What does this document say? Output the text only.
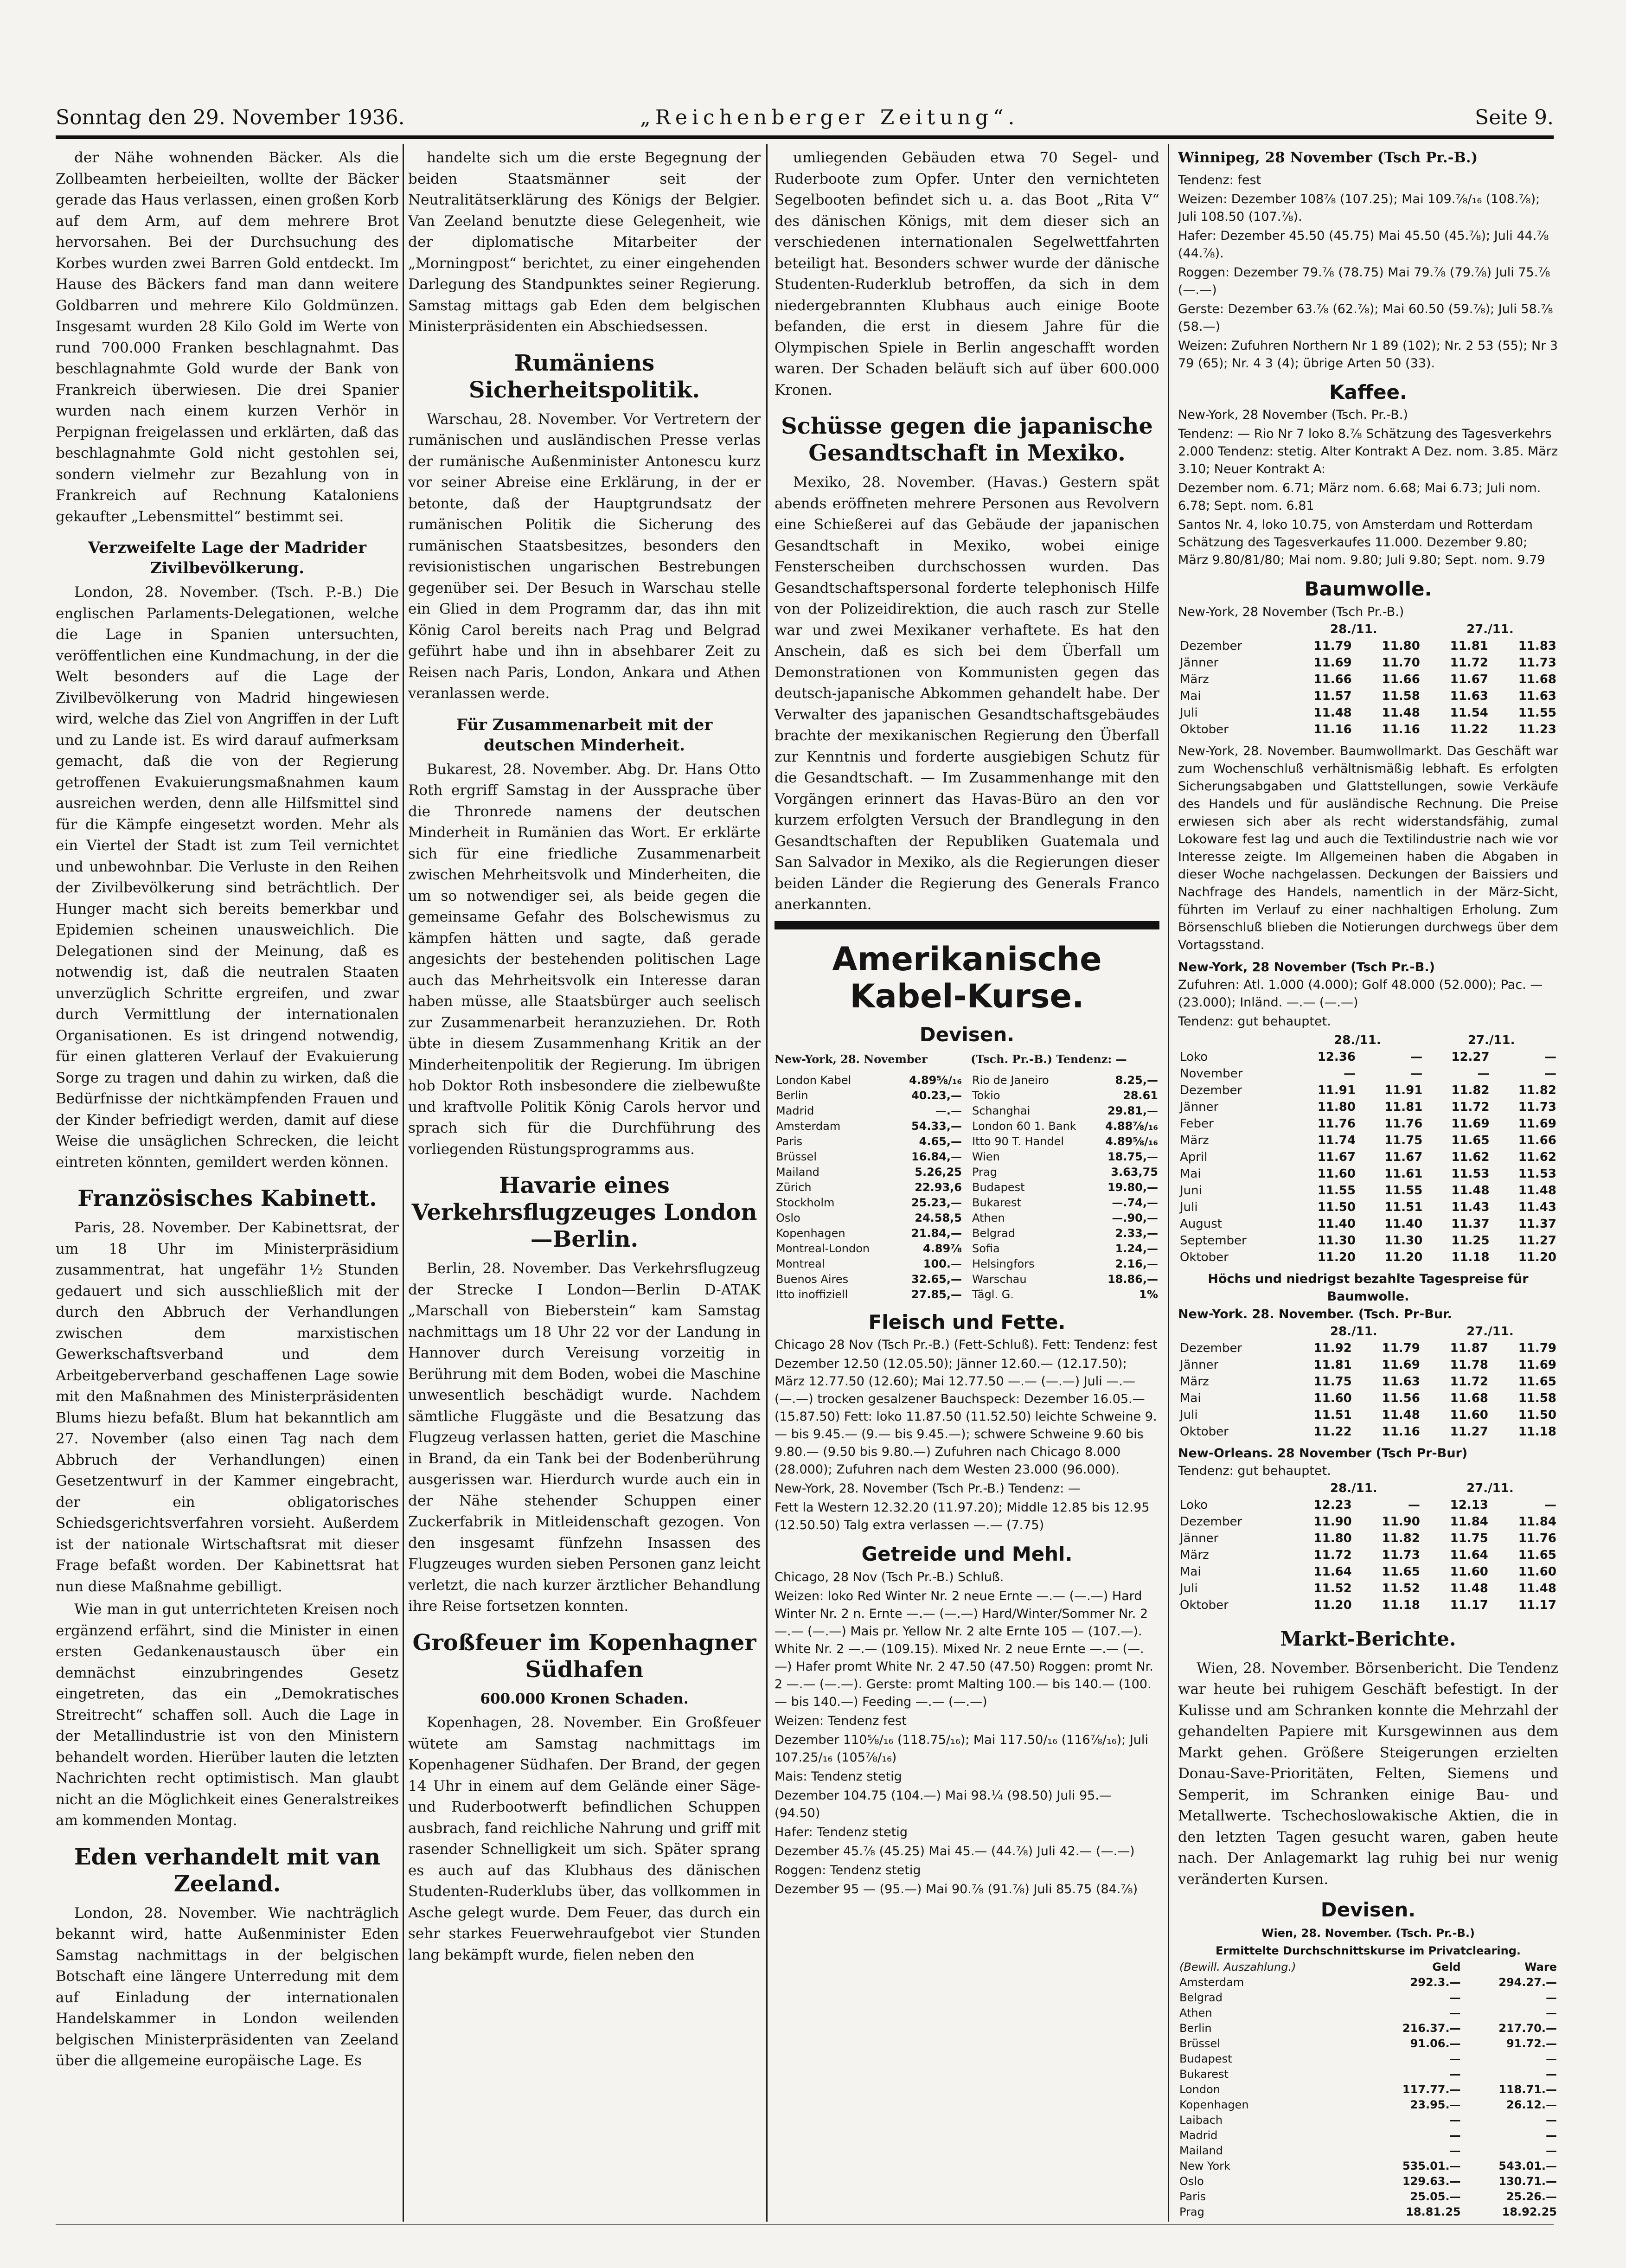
Sonntag den 29. November 1936.	„Reichenberger Zeitung“.	Seite 9.

der Nähe wohnenden Bäcker. Als die Zollbeamten herbeieilten, wollte der Bäcker gerade das Haus verlassen, einen großen Korb auf dem Arm, auf dem mehrere Brot hervorsahen. Bei der Durchsuchung des Korbes wurden zwei Barren Gold entdeckt. Im Hause des Bäckers fand man dann weitere Goldbarren und mehrere Kilo Goldmünzen. Insgesamt wurden 28 Kilo Gold im Werte von rund 700.000 Franken beschlagnahmt. Das beschlagnahmte Gold wurde der Bank von Frankreich überwiesen. Die drei Spanier wurden nach einem kurzen Verhör in Perpignan freigelassen und erklärten, daß das beschlagnahmte Gold nicht gestohlen sei, sondern vielmehr zur Bezahlung von in Frankreich auf Rechnung Kataloniens gekaufter „Lebensmittel“ bestimmt sei.

Verzweifelte Lage der Madrider Zivilbevölkerung.

London, 28. November. (Tsch. P.-B.) Die englischen Parlaments-Delegationen, welche die Lage in Spanien untersuchten, veröffentlichen eine Kundmachung, in der die Welt besonders auf die Lage der Zivilbevölkerung von Madrid hingewiesen wird, welche das Ziel von Angriffen in der Luft und zu Lande ist. Es wird darauf aufmerksam gemacht, daß die von der Regierung getroffenen Evakuierungsmaßnahmen kaum ausreichen werden, denn alle Hilfsmittel sind für die Kämpfe eingesetzt worden. Mehr als ein Viertel der Stadt ist zum Teil vernichtet und unbewohnbar. Die Verluste in den Reihen der Zivilbevölkerung sind beträchtlich. Der Hunger macht sich bereits bemerkbar und Epidemien scheinen unausweichlich. Die Delegationen sind der Meinung, daß es notwendig ist, daß die neutralen Staaten unverzüglich Schritte ergreifen, und zwar durch Vermittlung der internationalen Organisationen. Es ist dringend notwendig, für einen glatteren Verlauf der Evakuierung Sorge zu tragen und dahin zu wirken, daß die Bedürfnisse der nichtkämpfenden Frauen und der Kinder befriedigt werden, damit auf diese Weise die unsäglichen Schrecken, die leicht eintreten könnten, gemildert werden können.

Französisches Kabinett.

Paris, 28. November. Der Kabinettsrat, der um 18 Uhr im Ministerpräsidium zusammentrat, hat ungefähr 1½ Stunden gedauert und sich ausschließlich mit der durch den Abbruch der Verhandlungen zwischen dem marxistischen Gewerkschaftsverband und dem Arbeitgeberverband geschaffenen Lage sowie mit den Maßnahmen des Ministerpräsidenten Blums hiezu befaßt. Blum hat bekanntlich am 27. November (also einen Tag nach dem Abbruch der Verhandlungen) einen Gesetzentwurf in der Kammer eingebracht, der ein obligatorisches Schiedsgerichtsverfahren vorsieht. Außerdem ist der nationale Wirtschaftsrat mit dieser Frage befaßt worden. Der Kabinettsrat hat nun diese Maßnahme gebilligt.

Wie man in gut unterrichteten Kreisen noch ergänzend erfährt, sind die Minister in einen ersten Gedankenaustausch über ein demnächst einzubringendes Gesetz eingetreten, das ein „Demokratisches Streitrecht“ schaffen soll. Auch die Lage in der Metallindustrie ist von den Ministern behandelt worden. Hierüber lauten die letzten Nachrichten recht optimistisch. Man glaubt nicht an die Möglichkeit eines Generalstreikes am kommenden Montag.

Eden verhandelt mit van Zeeland.

London, 28. November. Wie nachträglich bekannt wird, hatte Außenminister Eden Samstag nachmittags in der belgischen Botschaft eine längere Unterredung mit dem auf Einladung der internationalen Handelskammer in London weilenden belgischen Ministerpräsidenten van Zeeland über die allgemeine europäische Lage. Es

handelte sich um die erste Begegnung der beiden Staatsmänner seit der Neutralitätserklärung des Königs der Belgier. Van Zeeland benutzte diese Gelegenheit, wie der diplomatische Mitarbeiter der „Morningpost“ berichtet, zu einer eingehenden Darlegung des Standpunktes seiner Regierung. Samstag mittags gab Eden dem belgischen Ministerpräsidenten ein Abschiedsessen.

Rumäniens Sicherheitspolitik.

Warschau, 28. November. Vor Vertretern der rumänischen und ausländischen Presse verlas der rumänische Außenminister Antonescu kurz vor seiner Abreise eine Erklärung, in der er betonte, daß der Hauptgrundsatz der rumänischen Politik die Sicherung des rumänischen Staatsbesitzes, besonders den revisionistischen ungarischen Bestrebungen gegenüber sei. Der Besuch in Warschau stelle ein Glied in dem Programm dar, das ihn mit König Carol bereits nach Prag und Belgrad geführt habe und ihn in absehbarer Zeit zu Reisen nach Paris, London, Ankara und Athen veranlassen werde.

Für Zusammenarbeit mit der deutschen Minderheit.

Bukarest, 28. November. Abg. Dr. Hans Otto Roth ergriff Samstag in der Aussprache über die Thronrede namens der deutschen Minderheit in Rumänien das Wort. Er erklärte sich für eine friedliche Zusammenarbeit zwischen Mehrheitsvolk und Minderheiten, die um so notwendiger sei, als beide gegen die gemeinsame Gefahr des Bolschewismus zu kämpfen hätten und sagte, daß gerade angesichts der bestehenden politischen Lage auch das Mehrheitsvolk ein Interesse daran haben müsse, alle Staatsbürger auch seelisch zur Zusammenarbeit heranzuziehen. Dr. Roth übte in diesem Zusammenhang Kritik an der Minderheitenpolitik der Regierung. Im übrigen hob Doktor Roth insbesondere die zielbewußte und kraftvolle Politik König Carols hervor und sprach sich für die Durchführung des vorliegenden Rüstungsprogramms aus.

Havarie eines Verkehrsflugzeuges London—Berlin.

Berlin, 28. November. Das Verkehrsflugzeug der Strecke I London—Berlin D-ATAK „Marschall von Bieberstein“ kam Samstag nachmittags um 18 Uhr 22 vor der Landung in Hannover durch Vereisung vorzeitig in Berührung mit dem Boden, wobei die Maschine unwesentlich beschädigt wurde. Nachdem sämtliche Fluggäste und die Besatzung das Flugzeug verlassen hatten, geriet die Maschine in Brand, da ein Tank bei der Bodenberührung ausgerissen war. Hierdurch wurde auch ein in der Nähe stehender Schuppen einer Zuckerfabrik in Mitleidenschaft gezogen. Von den insgesamt fünfzehn Insassen des Flugzeuges wurden sieben Personen ganz leicht verletzt, die nach kurzer ärztlicher Behandlung ihre Reise fortsetzen konnten.

Großfeuer im Kopenhagner Südhafen
600.000 Kronen Schaden.

Kopenhagen, 28. November. Ein Großfeuer wütete am Samstag nachmittags im Kopenhagener Südhafen. Der Brand, der gegen 14 Uhr in einem auf dem Gelände einer Säge- und Ruderbootwerft befindlichen Schuppen ausbrach, fand reichliche Nahrung und griff mit rasender Schnelligkeit um sich. Später sprang es auch auf das Klubhaus des dänischen Studenten-Ruderklubs über, das vollkommen in Asche gelegt wurde. Dem Feuer, das durch ein sehr starkes Feuerwehraufgebot vier Stunden lang bekämpft wurde, fielen neben den

umliegenden Gebäuden etwa 70 Segel- und Ruderboote zum Opfer. Unter den vernichteten Segelbooten befindet sich u. a. das Boot „Rita V“ des dänischen Königs, mit dem dieser sich an verschiedenen internationalen Segelwettfahrten beteiligt hat. Besonders schwer wurde der dänische Studenten-Ruderklub betroffen, da sich in dem niedergebrannten Klubhaus auch einige Boote befanden, die erst in diesem Jahre für die Olympischen Spiele in Berlin angeschafft worden waren. Der Schaden beläuft sich auf über 600.000 Kronen.

Schüsse gegen die japanische Gesandtschaft in Mexiko.

Mexiko, 28. November. (Havas.) Gestern spät abends eröffneten mehrere Personen aus Revolvern eine Schießerei auf das Gebäude der japanischen Gesandtschaft in Mexiko, wobei einige Fensterscheiben durchschossen wurden. Das Gesandtschaftspersonal forderte telephonisch Hilfe von der Polizeidirektion, die auch rasch zur Stelle war und zwei Mexikaner verhaftete. Es hat den Anschein, daß es sich bei dem Überfall um Demonstrationen von Kommunisten gegen das deutsch-japanische Abkommen gehandelt habe. Der Verwalter des japanischen Gesandtschaftsgebäudes brachte der mexikanischen Regierung den Überfall zur Kenntnis und forderte ausgiebigen Schutz für die Gesandtschaft. — Im Zusammenhange mit den Vorgängen erinnert das Havas-Büro an den vor kurzem erfolgten Versuch der Brandlegung in den Gesandtschaften der Republiken Guatemala und San Salvador in Mexiko, als die Regierungen dieser beiden Länder die Regierung des Generals Franco anerkannten.

Amerikanische Kabel-Kurse.
Devisen.
New-York, 28. November
London Kabel	4.89⅝/₁₆
Berlin	40.23,—
Madrid	—.—
Amsterdam	54.33,—
Paris	4.65,—
Brüssel	16.84,—
Mailand	5.26,25
Zürich	22.93,6
Stockholm	25.23,—
Oslo	24.58,5
Kopenhagen	21.84,—
Montreal-London	4.89⅞
Montreal	100.—
Buenos Aires	32.65,—
Itto inoffiziell	27.85,—
(Tsch. Pr.-B.) Tendenz: —
Rio de Janeiro	8.25,—
Tokio	28.61
Schanghai	29.81,—
London 60 1. Bank	4.88⅞/₁₆
Itto 90 T. Handel	4.89⅝/₁₆
Wien	18.75,—
Prag	3.63,75
Budapest	19.80,—
Bukarest	—.74,—
Athen	—.90,—
Belgrad	2.33,—
Sofia	1.24,—
Helsingfors	2.16,—
Warschau	18.86,—
Tägl. G.	1%
Fleisch und Fette.

Chicago 28 Nov (Tsch Pr.-B.) (Fett-Schluß). Fett: Tendenz: fest

Dezember 12.50 (12.05.50); Jänner 12.60.— (12.17.50); März 12.77.50 (12.60); Mai 12.77.50 —.— (—.—) Juli —.— (—.—) trocken gesalzener Bauchspeck: Dezember 16.05.— (15.87.50) Fett: loko 11.87.50 (11.52.50) leichte Schweine 9.— bis 9.45.— (9.— bis 9.45.—); schwere Schweine 9.60 bis 9.80.— (9.50 bis 9.80.—) Zufuhren nach Chicago 8.000 (28.000); Zufuhren nach dem Westen 23.000 (96.000).

New-York, 28. November (Tsch Pr.-B.) Tendenz: —

Fett la Western 12.32.20 (11.97.20); Middle 12.85 bis 12.95 (12.50.50) Talg extra verlassen —.— (7.75)

Getreide und Mehl.

Chicago, 28 Nov (Tsch Pr.-B.) Schluß.

Weizen: loko Red Winter Nr. 2 neue Ernte —.— (—.—) Hard Winter Nr. 2 n. Ernte —.— (—.—) Hard/Winter/Sommer Nr. 2 —.— (—.—) Mais pr. Yellow Nr. 2 alte Ernte 105 — (107.—). White Nr. 2 —.— (109.15). Mixed Nr. 2 neue Ernte —.— (—.—) Hafer promt White Nr. 2 47.50 (47.50) Roggen: promt Nr. 2 —.— (—.—). Gerste: promt Malting 100.— bis 140.— (100.— bis 140.—) Feeding —.— (—.—)

Weizen: Tendenz fest

Dezember 110⅝/₁₆ (118.75/₁₆); Mai 117.50/₁₆ (116⅞/₁₆); Juli 107.25/₁₆ (105⅞/₁₆)

Mais: Tendenz stetig

Dezember 104.75 (104.—) Mai 98.¼ (98.50) Juli 95.— (94.50)

Hafer: Tendenz stetig

Dezember 45.⅞ (45.25) Mai 45.— (44.⅞) Juli 42.— (—.—)

Roggen: Tendenz stetig

Dezember 95 — (95.—) Mai 90.⅞ (91.⅞) Juli 85.75 (84.⅞)

Winnipeg, 28 November (Tsch Pr.-B.)

Tendenz: fest

Weizen: Dezember 108⅞ (107.25); Mai 109.⅞/₁₆ (108.⅞); Juli 108.50 (107.⅞).

Hafer: Dezember 45.50 (45.75) Mai 45.50 (45.⅞); Juli 44.⅞ (44.⅞).

Roggen: Dezember 79.⅞ (78.75) Mai 79.⅞ (79.⅞) Juli 75.⅞ (—.—)

Gerste: Dezember 63.⅞ (62.⅞); Mai 60.50 (59.⅞); Juli 58.⅞ (58.—)

Weizen: Zufuhren Northern Nr 1 89 (102); Nr. 2 53 (55); Nr 3 79 (65); Nr. 4 3 (4); übrige Arten 50 (33).

Kaffee.

New-York, 28 November (Tsch. Pr.-B.)

Tendenz: — Rio Nr 7 loko 8.⅞ Schätzung des Tagesverkehrs 2.000 Tendenz: stetig. Alter Kontrakt A Dez. nom. 3.85. März 3.10; Neuer Kontrakt A:

Dezember nom. 6.71; März nom. 6.68; Mai 6.73; Juli nom. 6.78; Sept. nom. 6.81

Santos Nr. 4, loko 10.75, von Amsterdam und Rotterdam Schätzung des Tagesverkaufes 11.000. Dezember 9.80; März 9.80/81/80; Mai nom. 9.80; Juli 9.80; Sept. nom. 9.79

Baumwolle.
New-York, 28 November (Tsch Pr.-B.)
	28./11.		27./11.	
Dezember	11.79	11.80	11.81	11.83
Jänner	11.69	11.70	11.72	11.73
März	11.66	11.66	11.67	11.68
Mai	11.57	11.58	11.63	11.63
Juli	11.48	11.48	11.54	11.55
Oktober	11.16	11.16	11.22	11.23
New-York, 28. November. Baumwollmarkt. Das Geschäft war zum Wochenschluß verhältnismäßig lebhaft. Es erfolgten Sicherungsabgaben und Glattstellungen, sowie Verkäufe des Handels und für ausländische Rechnung. Die Preise erwiesen sich aber als recht widerstandsfähig, zumal Lokoware fest lag und auch die Textilindustrie nach wie vor Interesse zeigte. Im Allgemeinen haben die Abgaben in dieser Woche nachgelassen. Deckungen der Baissiers und Nachfrage des Handels, namentlich in der März-Sicht, führten im Verlauf zu einer nachhaltigen Erholung. Zum Börsenschluß blieben die Notierungen durchwegs über dem Vortagsstand.
New-York, 28 November (Tsch Pr.-B.)

Zufuhren: Atl. 1.000 (4.000); Golf 48.000 (52.000); Pac. —(23.000); Inländ. —.— (—.—)

Tendenz: gut behauptet.

	28./11.		27./11.	
Loko	12.36	—	12.27	—
November	—	—	—	—
Dezember	11.91	11.91	11.82	11.82
Jänner	11.80	11.81	11.72	11.73
Feber	11.76	11.76	11.69	11.69
März	11.74	11.75	11.65	11.66
April	11.67	11.67	11.62	11.62
Mai	11.60	11.61	11.53	11.53
Juni	11.55	11.55	11.48	11.48
Juli	11.50	11.51	11.43	11.43
August	11.40	11.40	11.37	11.37
September	11.30	11.30	11.25	11.27
Oktober	11.20	11.20	11.18	11.20
Höchs und niedrigst bezahlte Tagespreise für Baumwolle.
New-York. 28. November. (Tsch. Pr-Bur.
	28./11.		27./11.	
Dezember	11.92	11.79	11.87	11.79
Jänner	11.81	11.69	11.78	11.69
März	11.75	11.63	11.72	11.65
Mai	11.60	11.56	11.68	11.58
Juli	11.51	11.48	11.60	11.50
Oktober	11.22	11.16	11.27	11.18
New-Orleans. 28 November (Tsch Pr-Bur)
Tendenz: gut behauptet.
	28./11.		27./11.	
Loko	12.23	—	12.13	—
Dezember	11.90	11.90	11.84	11.84
Jänner	11.80	11.82	11.75	11.76
März	11.72	11.73	11.64	11.65
Mai	11.64	11.65	11.60	11.60
Juli	11.52	11.52	11.48	11.48
Oktober	11.20	11.18	11.17	11.17
Markt-Berichte.
Wien, 28. November. Börsenbericht. Die Tendenz war heute bei ruhigem Geschäft befestigt. In der Kulisse und am Schranken konnte die Mehrzahl der gehandelten Papiere mit Kursgewinnen aus dem Markt gehen. Größere Steigerungen erzielten Donau-Save-Prioritäten, Felten, Siemens und Semperit, im Schranken einige Bau- und Metallwerte. Tschechoslowakische Aktien, die in den letzten Tagen gesucht waren, gaben heute nach. Der Anlagemarkt lag ruhig bei nur wenig veränderten Kursen.
Devisen.
Wien, 28. November. (Tsch. Pr.-B.)
Ermittelte Durchschnittskurse im Privatclearing.
(Bewill. Auszahlung.)	Geld	Ware
Amsterdam	292.3.—	294.27.—
Belgrad	—	—
Athen	—	—
Berlin	216.37.—	217.70.—
Brüssel	91.06.—	91.72.—
Budapest	—	—
Bukarest	—	—
London	117.77.—	118.71.—
Kopenhagen	23.95.—	26.12.—
Laibach	—	—
Madrid	—	—
Mailand	—	—
New York	535.01.—	543.01.—
Oslo	129.63.—	130.71.—
Paris	25.05.—	25.26.—
Prag	18.81.25	18.92.25
